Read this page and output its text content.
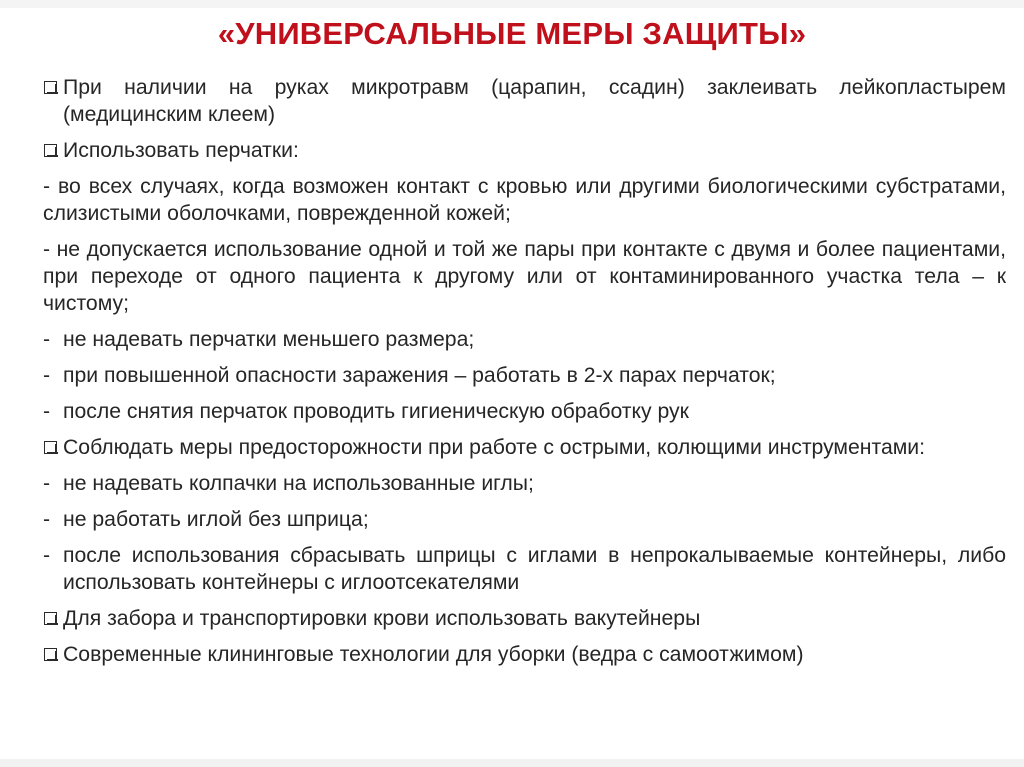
«УНИВЕРСАЛЬНЫЕ МЕРЫ ЗАЩИТЫ»

При наличии на руках микротравм (царапин, ссадин) заклеивать лейкопластырем (медицинским клеем)

Использовать перчатки:

- во всех случаях, когда возможен контакт с кровью или другими биологическими субстратами, слизистыми оболочками, поврежденной кожей;

- не допускается использование одной и той же пары при контакте с двумя и более пациентами, при переходе от одного пациента к другому или от контаминированного участка тела – к чистому;

- не надевать перчатки меньшего размера;

- при повышенной опасности заражения – работать в 2-х парах перчаток;

- после снятия перчаток проводить гигиеническую обработку рук

Соблюдать меры предосторожности при работе с острыми, колющими инструментами:

- не надевать колпачки на использованные иглы;

- не работать иглой без шприца;

- после использования сбрасывать шприцы с иглами в непрокалываемые контейнеры, либо использовать контейнеры с иглоотсекателями

Для забора и транспортировки крови использовать вакутейнеры

Современные клининговые технологии для уборки (ведра с самоотжимом)
